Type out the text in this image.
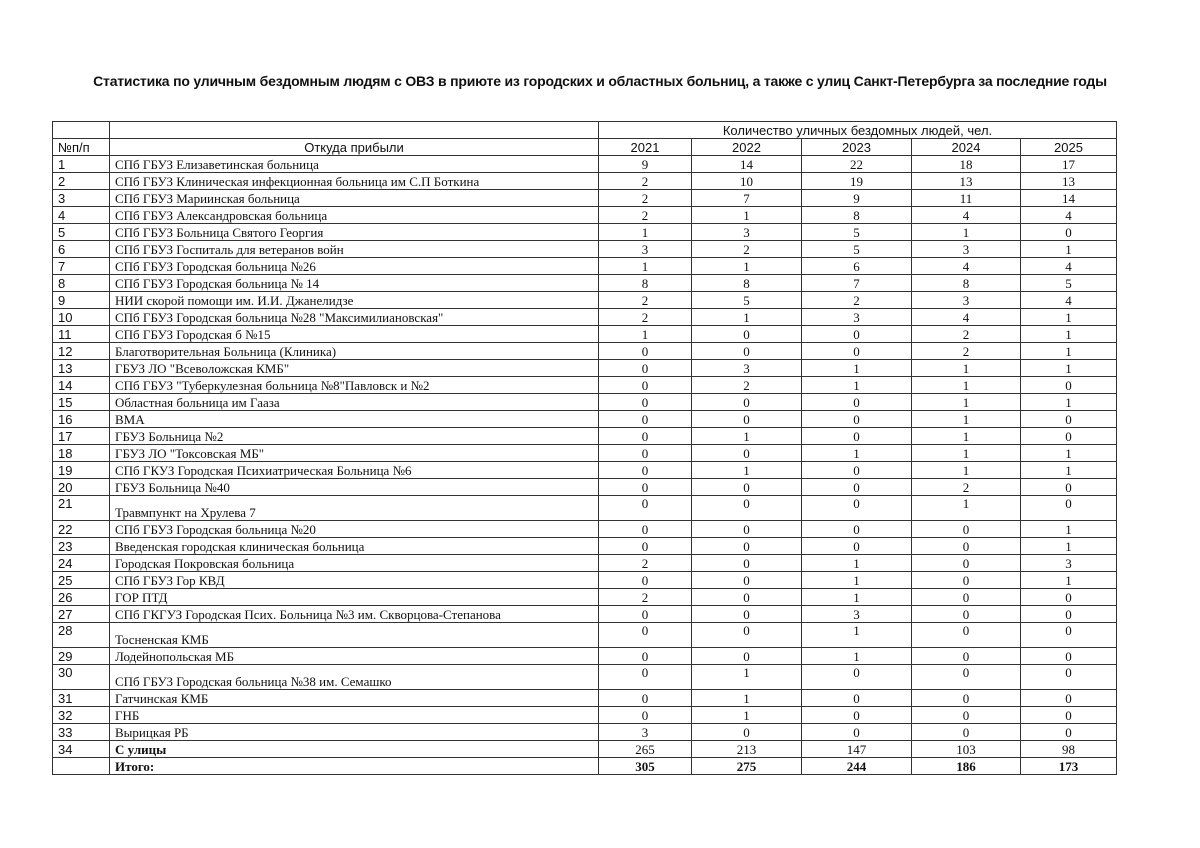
Статистика по уличным бездомным людям с ОВЗ в приюте из городских и областных больниц, а также с улиц Санкт-Петербурга за последние годы
		Количество уличных бездомных людей, чел.				
№п/п	Откуда прибыли	2021	2022	2023	2024	2025
1	СПб ГБУЗ Елизаветинская больница	9	14	22	18	17
2	СПб ГБУЗ Клиническая инфекционная больница им С.П Боткина	2	10	19	13	13
3	СПб ГБУЗ Мариинская больница	2	7	9	11	14
4	СПб ГБУЗ Александровская больница	2	1	8	4	4
5	СПб ГБУЗ Больница Святого Георгия	1	3	5	1	0
6	СПб ГБУЗ Госпиталь для ветеранов войн	3	2	5	3	1
7	СПб ГБУЗ Городская больница №26	1	1	6	4	4
8	СПб ГБУЗ Городская больница № 14	8	8	7	8	5
9	НИИ скорой помощи им. И.И. Джанелидзе	2	5	2	3	4
10	СПб ГБУЗ Городская больница №28 "Максимилиановская"	2	1	3	4	1
11	СПб ГБУЗ Городская б №15	1	0	0	2	1
12	Благотворительная Больница (Клиника)	0	0	0	2	1
13	ГБУЗ ЛО "Всеволожская КМБ"	0	3	1	1	1
14	СПб ГБУЗ "Туберкулезная больница №8"Павловск и №2	0	2	1	1	0
15	Областная больница им Гааза	0	0	0	1	1
16	ВМА	0	0	0	1	0
17	ГБУЗ Больница №2	0	1	0	1	0
18	ГБУЗ ЛО "Токсовская МБ"	0	0	1	1	1
19	СПб ГКУЗ Городская Психиатрическая Больница №6	0	1	0	1	1
20	ГБУЗ Больница №40	0	0	0	2	0
21	Травмпункт на Хрулева 7	0	0	0	1	0
22	СПб ГБУЗ Городская больница №20	0	0	0	0	1
23	Введенская городская клиническая больница	0	0	0	0	1
24	Городская Покровская больница	2	0	1	0	3
25	СПб ГБУЗ Гор КВД	0	0	1	0	1
26	ГОР ПТД	2	0	1	0	0
27	СПб ГКГУЗ Городская Псих. Больница №3 им. Скворцова-Степанова	0	0	3	0	0
28	Тосненская КМБ	0	0	1	0	0
29	Лодейнопольская МБ	0	0	1	0	0
30	СПб ГБУЗ Городская больница №38 им. Семашко	0	1	0	0	0
31	Гатчинская КМБ	0	1	0	0	0
32	ГНБ	0	1	0	0	0
33	Вырицкая РБ	3	0	0	0	0
34	С улицы	265	213	147	103	98
	Итого:	305	275	244	186	173
